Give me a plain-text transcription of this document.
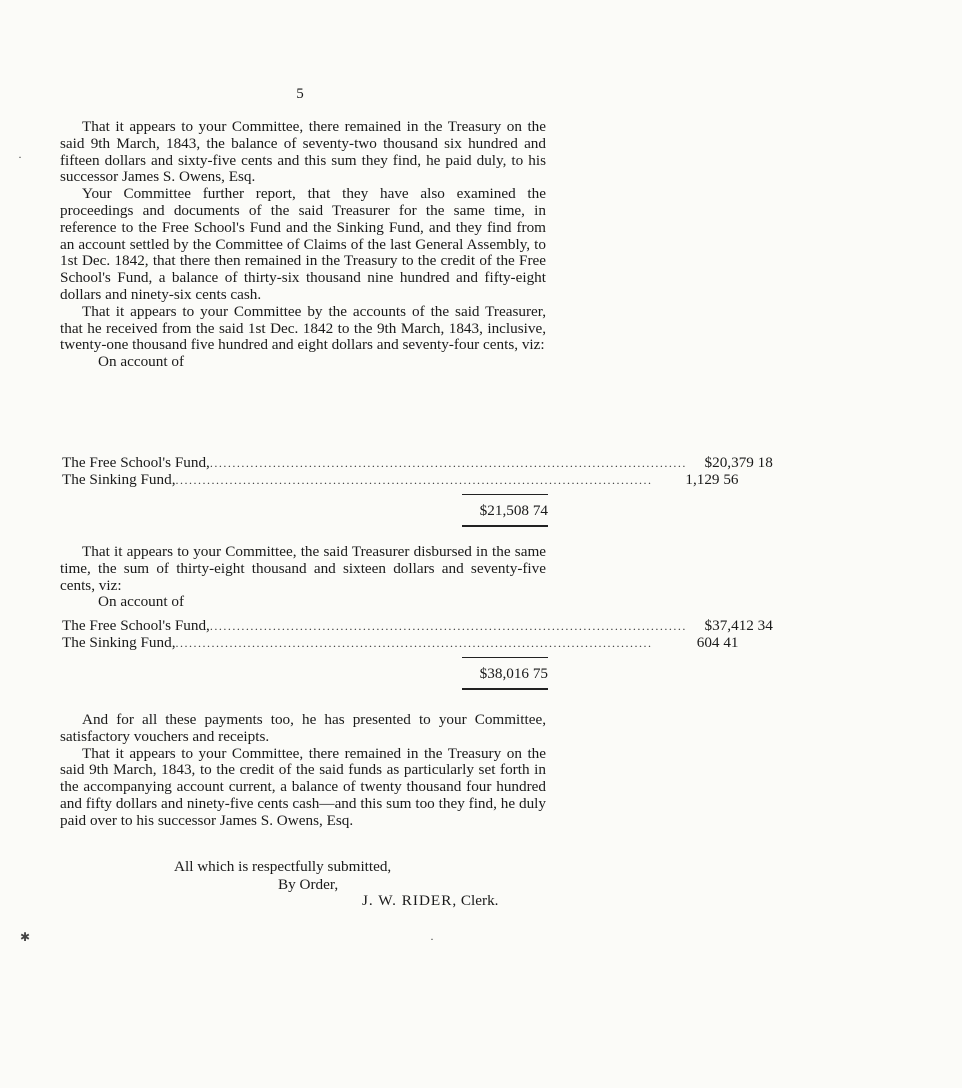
5

That it appears to your Committee, there remained in the Treasury on the said 9th March, 1843, the balance of seventy-two thousand six hundred and fifteen dollars and sixty-five cents and this sum they find, he paid duly, to his successor James S. Owens, Esq.

Your Committee further report, that they have also examined the proceedings and documents of the said Treasurer for the same time, in reference to the Free School's Fund and the Sinking Fund, and they find from an account settled by the Committee of Claims of the last General Assembly, to 1st Dec. 1842, that there then remained in the Treasury to the credit of the Free School's Fund, a balance of thirty-six thousand nine hundred and fifty-eight dollars and ninety-six cents cash.

That it appears to your Committee by the accounts of the said Treasurer, that he received from the said 1st Dec. 1842 to the 9th March, 1843, inclusive, twenty-one thousand five hundred and eight dollars and seventy-four cents, viz:

On account of

The Free School's Fund, ..........................................................................................................	$20,379 18
The Sinking Fund, ..........................................................................................................	1,129 56
$21,508 74

That it appears to your Committee, the said Treasurer disbursed in the same time, the sum of thirty-eight thousand and sixteen dollars and seventy-five cents, viz:

On account of

The Free School's Fund, ..........................................................................................................	$37,412 34
The Sinking Fund, ..........................................................................................................	604 41
$38,016 75

And for all these payments too, he has presented to your Committee, satisfactory vouchers and receipts.

That it appears to your Committee, there remained in the Treasury on the said 9th March, 1843, to the credit of the said funds as particularly set forth in the accompanying account current, a balance of twenty thousand four hundred and fifty dollars and ninety-five cents cash—and this sum too they find, he duly paid over to his successor James S. Owens, Esq.

All which is respectfully submitted,
By Order,
J. W. RIDER, Clerk.
·
✱	·
